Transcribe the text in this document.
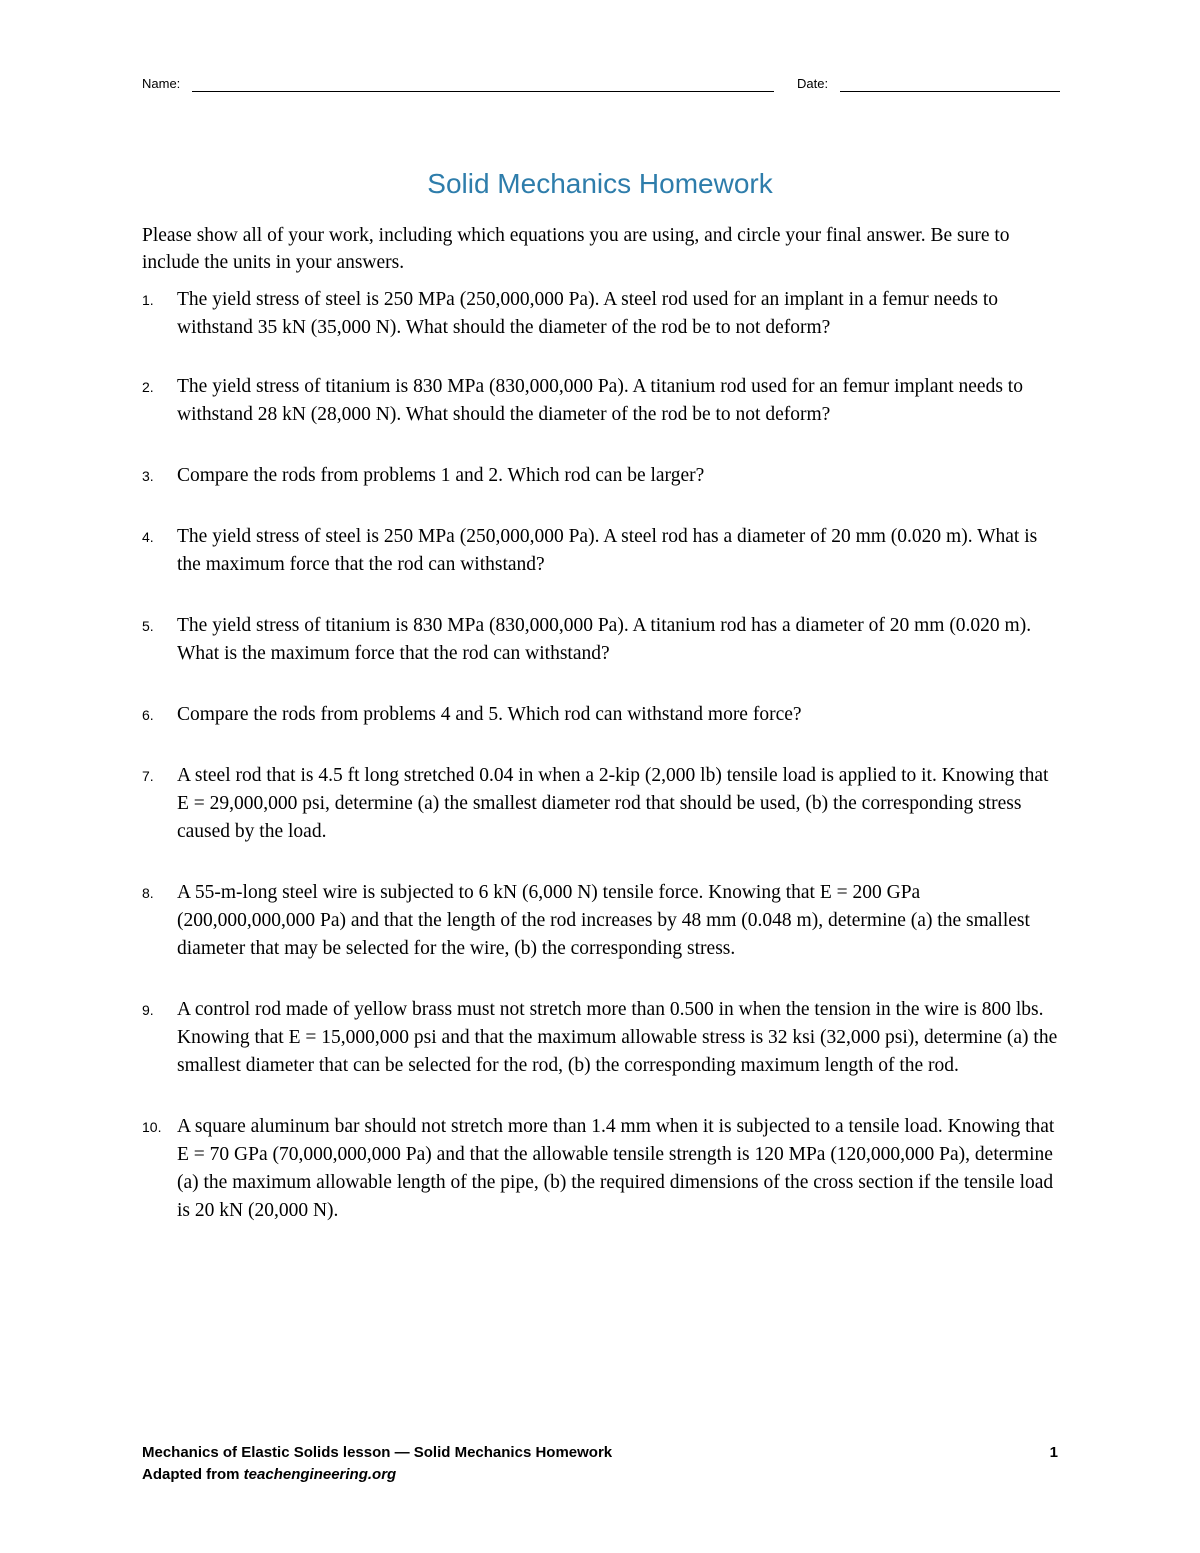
Name:	Date:
Solid Mechanics Homework
Please show all of your work, including which equations you are using, and circle your final answer. Be sure to include the units in your answers.
1. The yield stress of steel is 250 MPa (250,000,000 Pa). A steel rod used for an implant in a femur needs to withstand 35 kN (35,000 N). What should the diameter of the rod be to not deform?
2. The yield stress of titanium is 830 MPa (830,000,000 Pa). A titanium rod used for an femur implant needs to withstand 28 kN (28,000 N). What should the diameter of the rod be to not deform?
3. Compare the rods from problems 1 and 2. Which rod can be larger?
4. The yield stress of steel is 250 MPa (250,000,000 Pa). A steel rod has a diameter of 20 mm (0.020 m). What is the maximum force that the rod can withstand?
5. The yield stress of titanium is 830 MPa (830,000,000 Pa). A titanium rod has a diameter of 20 mm (0.020 m). What is the maximum force that the rod can withstand?
6. Compare the rods from problems 4 and 5. Which rod can withstand more force?
7. A steel rod that is 4.5 ft long stretched 0.04 in when a 2-kip (2,000 lb) tensile load is applied to it. Knowing that E = 29,000,000 psi, determine (a) the smallest diameter rod that should be used, (b) the corresponding stress caused by the load.
8. A 55-m-long steel wire is subjected to 6 kN (6,000 N) tensile force. Knowing that E = 200 GPa (200,000,000,000 Pa) and that the length of the rod increases by 48 mm (0.048 m), determine (a) the smallest diameter that may be selected for the wire, (b) the corresponding stress.
9. A control rod made of yellow brass must not stretch more than 0.500 in when the tension in the wire is 800 lbs. Knowing that E = 15,000,000 psi and that the maximum allowable stress is 32 ksi (32,000 psi), determine (a) the smallest diameter that can be selected for the rod, (b) the corresponding maximum length of the rod.
10. A square aluminum bar should not stretch more than 1.4 mm when it is subjected to a tensile load. Knowing that E = 70 GPa (70,000,000,000 Pa) and that the allowable tensile strength is 120 MPa (120,000,000 Pa), determine (a) the maximum allowable length of the pipe, (b) the required dimensions of the cross section if the tensile load is 20 kN (20,000 N).
Mechanics of Elastic Solids lesson — Solid Mechanics Homework
Adapted from teachengineering.org
1
